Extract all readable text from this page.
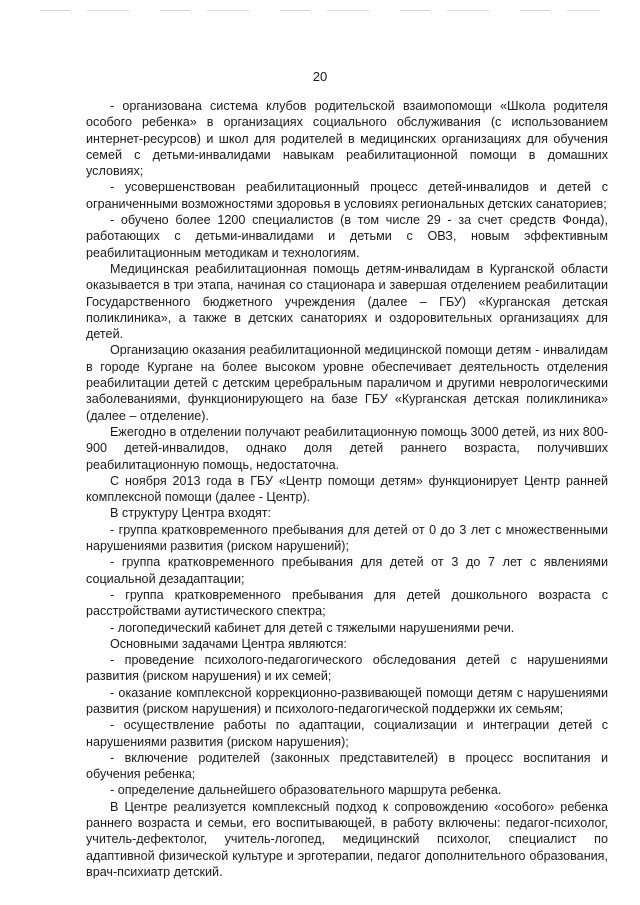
20

- организована система клубов родительской взаимопомощи «Школа родителя особого ребенка» в организациях социального обслуживания (с использованием интернет-ресурсов) и школ для родителей в медицинских организациях для обучения семей с детьми-инвалидами навыкам реабилитационной помощи в домашних условиях;

- усовершенствован реабилитационный процесс детей-инвалидов и детей с ограниченными возможностями здоровья в условиях региональных детских санаториев;

- обучено более 1200 специалистов (в том числе 29 - за счет средств Фонда), работающих с детьми-инвалидами и детьми с ОВЗ, новым эффективным реабилитационным методикам и технологиям.

Медицинская реабилитационная помощь детям-инвалидам в Курганской области оказывается в три этапа, начиная со стационара и завершая отделением реабилитации Государственного бюджетного учреждения (далее – ГБУ) «Курганская детская поликлиника», а также в детских санаториях и оздоровительных организациях для детей.

Организацию оказания реабилитационной медицинской помощи детям - инвалидам в городе Кургане на более высоком уровне обеспечивает деятельность отделения реабилитации детей с детским церебральным параличом и другими неврологическими заболеваниями, функционирующего на базе ГБУ «Курганская детская поликлиника» (далее – отделение).

Ежегодно в отделении получают реабилитационную помощь 3000 детей, из них 800-900 детей-инвалидов, однако доля детей раннего возраста, получивших реабилитационную помощь, недостаточна.

С ноября 2013 года в ГБУ «Центр помощи детям» функционирует Центр ранней комплексной помощи (далее - Центр).

В структуру Центра входят:

- группа кратковременного пребывания для детей от 0 до 3 лет с множественными нарушениями развития (риском нарушений);

- группа кратковременного пребывания для детей от 3 до 7 лет с явлениями социальной дезадаптации;

- группа кратковременного пребывания для детей дошкольного возраста с расстройствами аутистического спектра;

- логопедический кабинет для детей с тяжелыми нарушениями речи.

Основными задачами Центра являются:

- проведение психолого-педагогического обследования детей с нарушениями развития (риском нарушения) и их семей;

- оказание комплексной коррекционно-развивающей помощи детям с нарушениями развития (риском нарушения) и психолого-педагогической поддержки их семьям;

- осуществление работы по адаптации, социализации и интеграции детей с нарушениями развития (риском нарушения);

- включение родителей (законных представителей) в процесс воспитания и обучения ребенка;

- определение дальнейшего образовательного маршрута ребенка.

В Центре реализуется комплексный подход к сопровождению «особого» ребенка раннего возраста и семьи, его воспитывающей, в работу включены: педагог-психолог, учитель-дефектолог, учитель-логопед, медицинский психолог, специалист по адаптивной физической культуре и эрготерапии, педагог дополнительного образования, врач-психиатр детский.
